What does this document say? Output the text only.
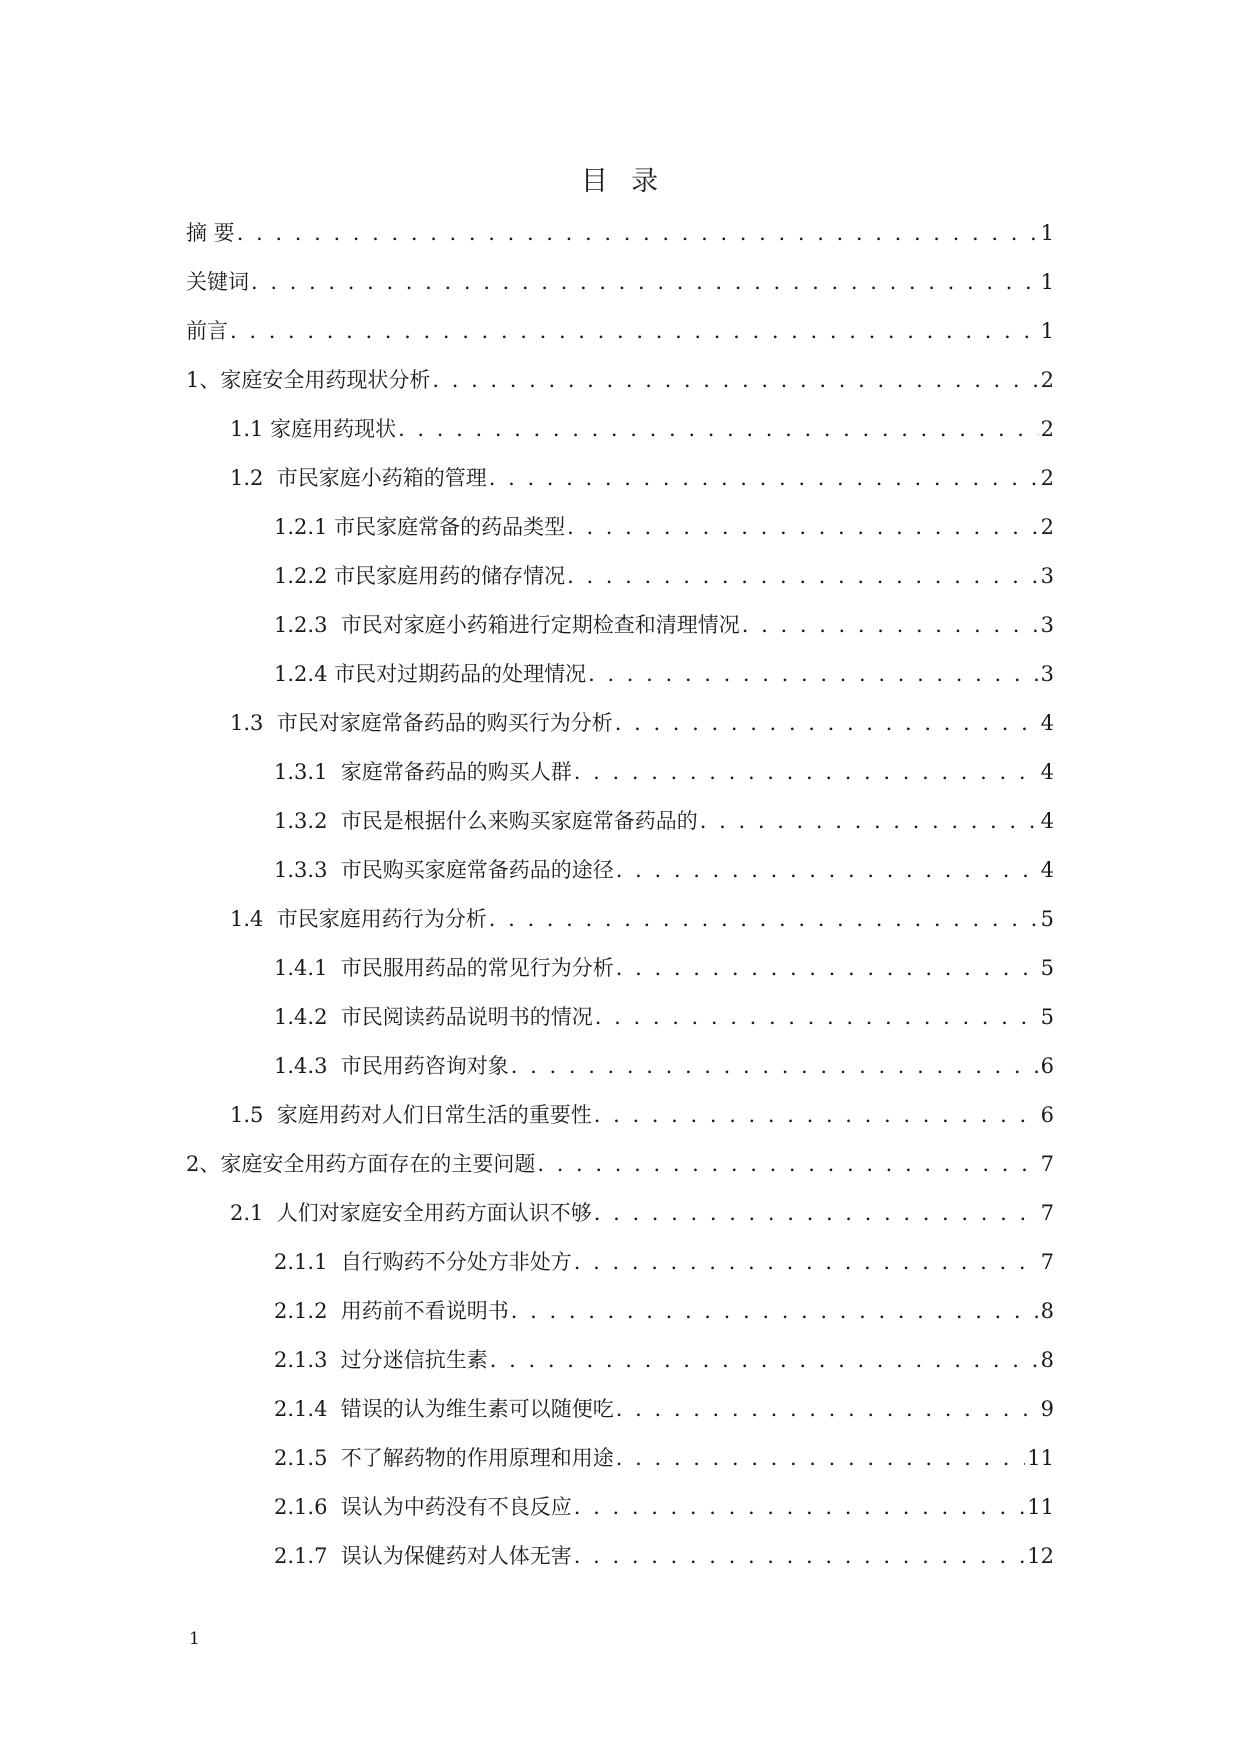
目  录
摘 要 . . .	1
关键词 . . .	1
前言 . . .	1
1、家庭安全用药现状分析 . . .	2
1.1 家庭用药现状 . . .	2
1.2  市民家庭小药箱的管理 . . .	2
1.2.1 市民家庭常备的药品类型 . . .	2
1.2.2 市民家庭用药的储存情况 . . .	3
1.2.3  市民对家庭小药箱进行定期检查和清理情况 . . .	3
1.2.4 市民对过期药品的处理情况 . . .	3
1.3  市民对家庭常备药品的购买行为分析 . . .	4
1.3.1  家庭常备药品的购买人群 . . .	4
1.3.2  市民是根据什么来购买家庭常备药品的 . . .	4
1.3.3  市民购买家庭常备药品的途径 . . .	4
1.4  市民家庭用药行为分析 . . .	5
1.4.1  市民服用药品的常见行为分析 . . .	5
1.4.2  市民阅读药品说明书的情况 . . .	5
1.4.3  市民用药咨询对象 . . .	6
1.5  家庭用药对人们日常生活的重要性 . . .	6
2、家庭安全用药方面存在的主要问题 . . .	7
2.1  人们对家庭安全用药方面认识不够 . . .	7
2.1.1  自行购药不分处方非处方 . . .	7
2.1.2  用药前不看说明书 . . .	8
2.1.3  过分迷信抗生素 . . .	8
2.1.4  错误的认为维生素可以随便吃 . . .	9
2.1.5  不了解药物的作用原理和用途 . . .	11
2.1.6  误认为中药没有不良反应 . . .	11
2.1.7  误认为保健药对人体无害 . . .	12
1
